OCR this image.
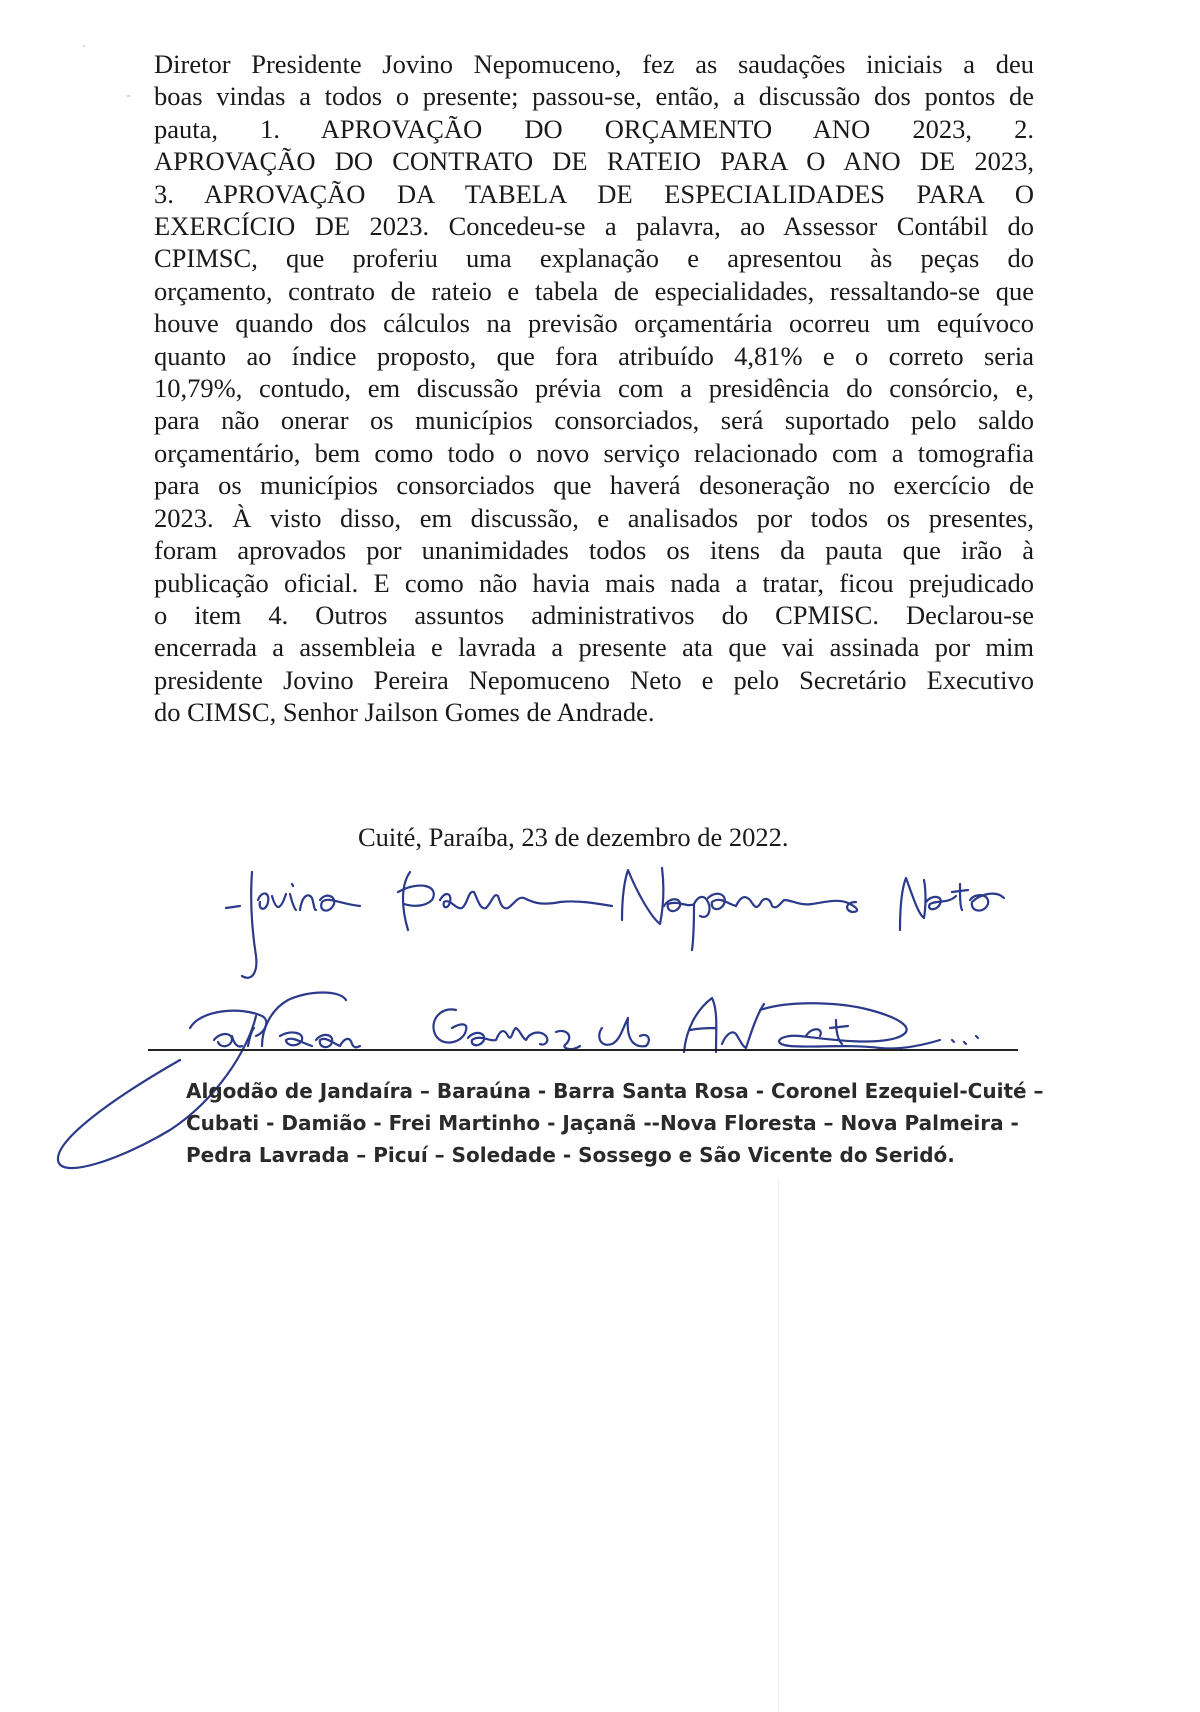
·
-
Diretor Presidente Jovino Nepomuceno, fez as saudações iniciais a deu
boas vindas a todos o presente; passou-se, então, a discussão dos pontos de
pauta, 1. APROVAÇÃO DO ORÇAMENTO ANO 2023, 2.
APROVAÇÃO DO CONTRATO DE RATEIO PARA O ANO DE 2023,
3. APROVAÇÃO DA TABELA DE ESPECIALIDADES PARA O
EXERCÍCIO DE 2023. Concedeu-se a palavra, ao Assessor Contábil do
CPIMSC, que proferiu uma explanação e apresentou às peças do
orçamento, contrato de rateio e tabela de especialidades, ressaltando-se que
houve quando dos cálculos na previsão orçamentária ocorreu um equívoco
quanto ao índice proposto, que fora atribuído 4,81% e o correto seria
10,79%, contudo, em discussão prévia com a presidência do consórcio, e,
para não onerar os municípios consorciados, será suportado pelo saldo
orçamentário, bem como todo o novo serviço relacionado com a tomografia
para os municípios consorciados que haverá desoneração no exercício de
2023. À visto disso, em discussão, e analisados por todos os presentes,
foram aprovados por unanimidades todos os itens da pauta que irão à
publicação oficial. E como não havia mais nada a tratar, ficou prejudicado
o item 4. Outros assuntos administrativos do CPMISC. Declarou-se
encerrada a assembleia e lavrada a presente ata que vai assinada por mim
presidente Jovino Pereira Nepomuceno Neto e pelo Secretário Executivo
do CIMSC, Senhor Jailson Gomes de Andrade.

Cuité, Paraíba, 23 de dezembro de 2022.

Algodão de Jandaíra – Baraúna - Barra Santa Rosa - Coronel Ezequiel-Cuité –
Cubati - Damião - Frei Martinho - Jaçanã --Nova Floresta – Nova Palmeira -
Pedra Lavrada – Picuí – Soledade - Sossego e São Vicente do Seridó.
